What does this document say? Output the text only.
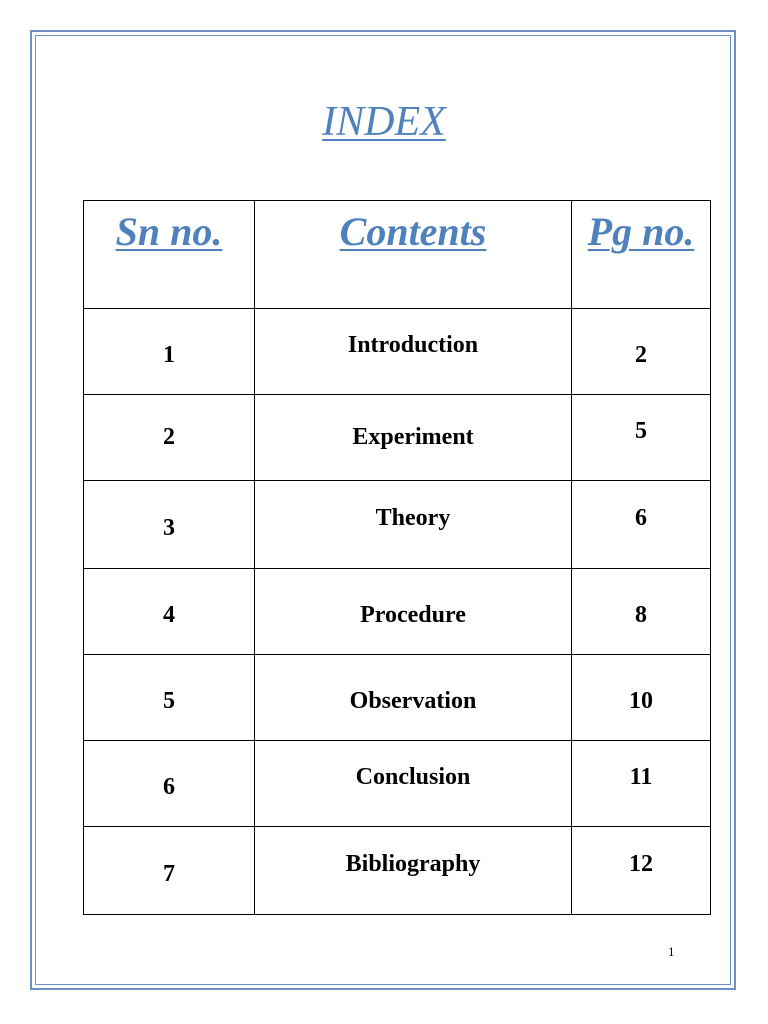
INDEX
Sn no.	Contents	Pg no.
1	Introduction	2
2	Experiment	5
3	Theory	6
4	Procedure	8
5	Observation	10
6	Conclusion	11
7	Bibliography	12
1
